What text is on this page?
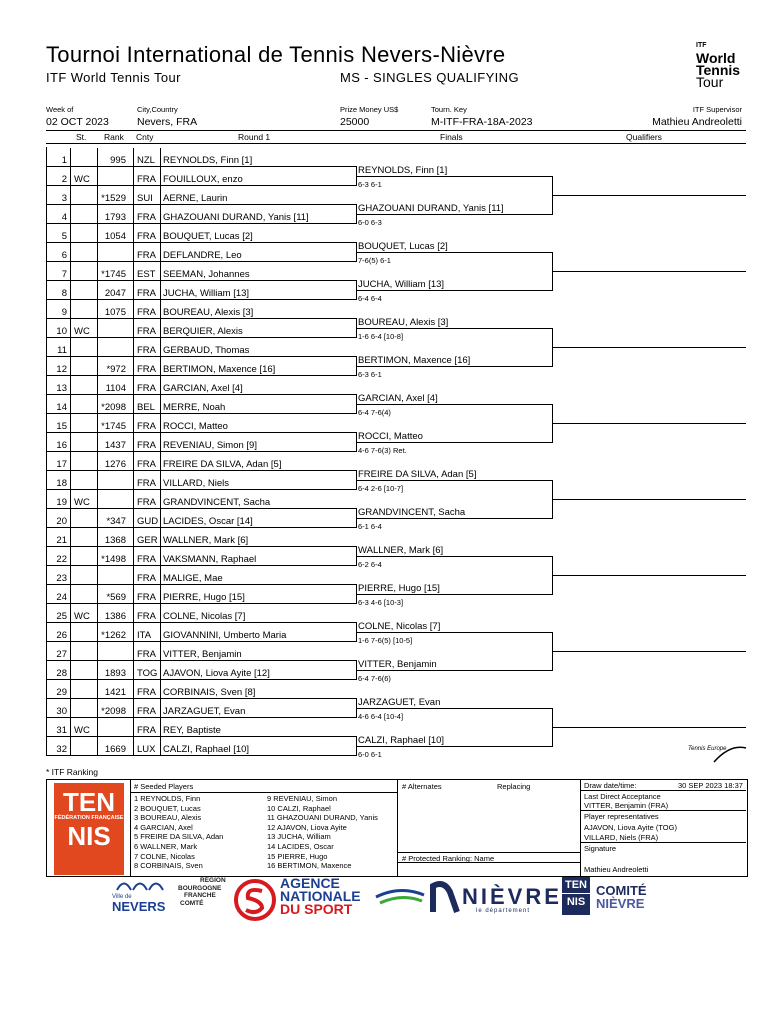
Tournoi International de Tennis Nevers-Nièvre
ITF World Tennis Tour	MS - SINGLES QUALIFYING
ITF
World
Tennis
Tour
Week of
02 OCT 2023
City,Country
Nevers, FRA
Prize Money US$
25000
Tourn. Key
M-ITF-FRA-18A-2023
ITF Supervisor
Mathieu Andreoletti
St. Rank Cnty	Round 1	Finals	Qualifiers
1	995 NZL REYNOLDS, Finn [1]
2 WC	FRA FOUILLOUX, enzo
3	*1529 SUI AERNE, Laurin
4	1793 FRA GHAZOUANI DURAND, Yanis [11]
5	1054 FRA BOUQUET, Lucas [2]
6	FRA DEFLANDRE, Leo
7	*1745 EST SEEMAN, Johannes
8	2047 FRA JUCHA, William [13]
9	1075 FRA BOUREAU, Alexis [3]
10 WC	FRA BERQUIER, Alexis
11	FRA GERBAUD, Thomas
12	*972 FRA BERTIMON, Maxence [16]
13	1104 FRA GARCIAN, Axel [4]
14	*2098 BEL MERRE, Noah
15	*1745 FRA ROCCI, Matteo
16	1437 FRA REVENIAU, Simon [9]
17	1276 FRA FREIRE DA SILVA, Adan [5]
18	FRA VILLARD, Niels
19 WC	FRA GRANDVINCENT, Sacha
20	*347 GUD LACIDES, Oscar [14]
21	1368 GER WALLNER, Mark [6]
22	*1498 FRA VAKSMANN, Raphael
23	FRA MALIGE, Mae
24	*569 FRA PIERRE, Hugo [15]
25 WC	1386 FRA COLNE, Nicolas [7]
26	*1262 ITA GIOVANNINI, Umberto Maria
27	FRA VITTER, Benjamin
28	1893 TOG AJAVON, Liova Ayite [12]
29	1421 FRA CORBINAIS, Sven [8]
30	*2098 FRA JARZAGUET, Evan
31 WC	FRA REY, Baptiste
32	1669 LUX CALZI, Raphael [10]
REYNOLDS, Finn [1]
6-3 6-1
GHAZOUANI DURAND, Yanis [11]
6-0 6-3
BOUQUET, Lucas [2]
7-6(5) 6-1
JUCHA, William [13]
6-4 6-4
BOUREAU, Alexis [3]
1-6 6-4 [10-8]
BERTIMON, Maxence [16]
6-3 6-1
GARCIAN, Axel [4]
6-4 7-6(4)
ROCCI, Matteo
4-6 7-6(3) Ret.
FREIRE DA SILVA, Adan [5]
6-4 2-6 [10-7]
GRANDVINCENT, Sacha
6-1 6-4
WALLNER, Mark [6]
6-2 6-4
PIERRE, Hugo [15]
6-3 4-6 [10-3]
COLNE, Nicolas [7]
1-6 7-6(5) [10-5]
VITTER, Benjamin
6-4 7-6(6)
JARZAGUET, Evan
4-6 6-4 [10-4]
CALZI, Raphael [10]
6-0 6-1
* ITF Ranking
TEN
FÉDÉRATION FRANÇAISE
NIS
# Seeded Players
1 REYNOLDS, Finn
2 BOUQUET, Lucas
3 BOUREAU, Alexis
4 GARCIAN, Axel
5 FREIRE DA SILVA, Adan
6 WALLNER, Mark
7 COLNE, Nicolas
8 CORBINAIS, Sven
9 REVENIAU, Simon
10 CALZI, Raphael
11 GHAZOUANI DURAND, Yanis
12 AJAVON, Liova Ayite
13 JUCHA, William
14 LACIDES, Oscar
15 PIERRE, Hugo
16 BERTIMON, Maxence
# Alternates	Replacing
# Protected Ranking: Name
Draw date/time:	30 SEP 2023 18:37
Last Direct Acceptance
VITTER, Benjamin (FRA)
Player representatives
AJAVON, Liova Ayite (TOG)
VILLARD, Niels (FRA)
Signature
Mathieu Andreoletti
Tennis Europe
Ville de
NEVERS
RÉGION
BOURGOGNE
FRANCHE
COMTÉ
AGENCE
NATIONALE
DU SPORT	NIÈVRE
le département
TEN
NIS
COMITÉ
NIÈVRE
